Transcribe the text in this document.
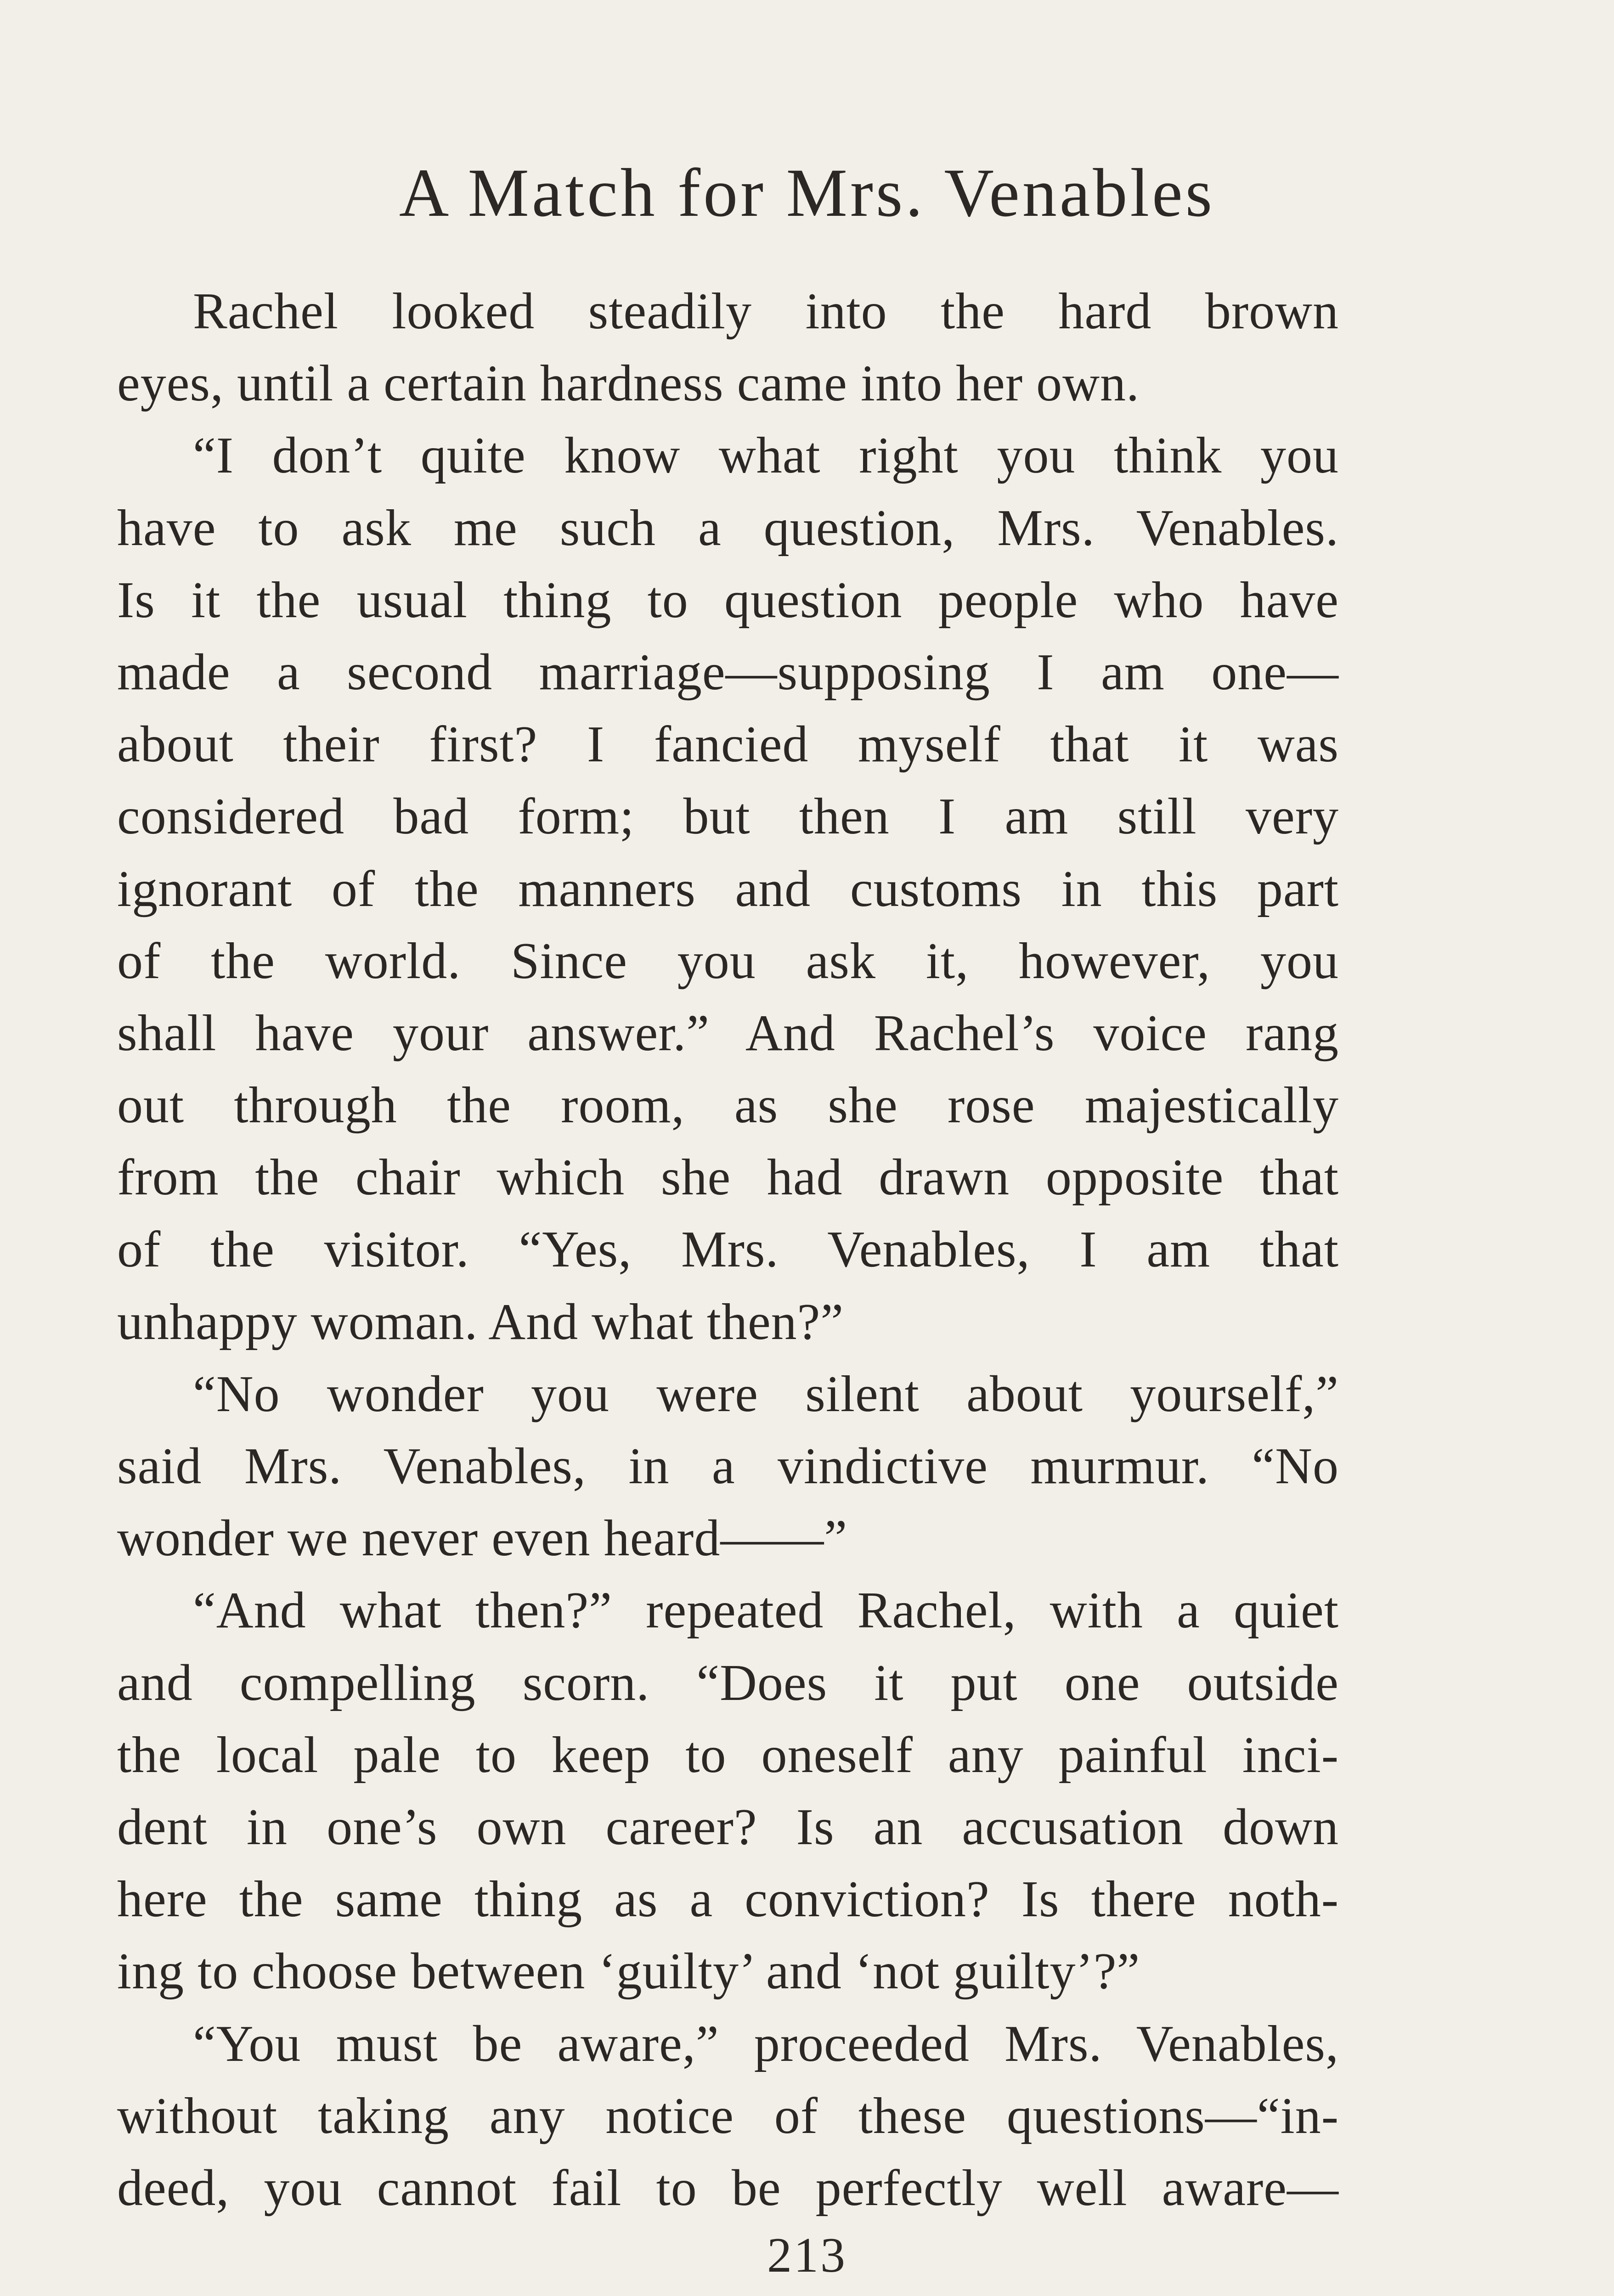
A Match for Mrs. Venables
Rachel looked steadily into the hard brown
eyes, until a certain hardness came into her own.
“I don’t quite know what right you think you
have to ask me such a question, Mrs. Venables.
Is it the usual thing to question people who have
made a second marriage—supposing I am one—
about their first? I fancied myself that it was
considered bad form; but then I am still very
ignorant of the manners and customs in this part
of the world. Since you ask it, however, you
shall have your answer.” And Rachel’s voice rang
out through the room, as she rose majestically
from the chair which she had drawn opposite that
of the visitor. “Yes, Mrs. Venables, I am that
unhappy woman. And what then?”
“No wonder you were silent about yourself,”
said Mrs. Venables, in a vindictive murmur. “No
wonder we never even heard——”
“And what then?” repeated Rachel, with a quiet
and compelling scorn. “Does it put one outside
the local pale to keep to oneself any painful inci-
dent in one’s own career? Is an accusation down
here the same thing as a conviction? Is there noth-
ing to choose between ‘guilty’ and ‘not guilty’?”
“You must be aware,” proceeded Mrs. Venables,
without taking any notice of these questions—“in-
deed, you cannot fail to be perfectly well aware—
213
